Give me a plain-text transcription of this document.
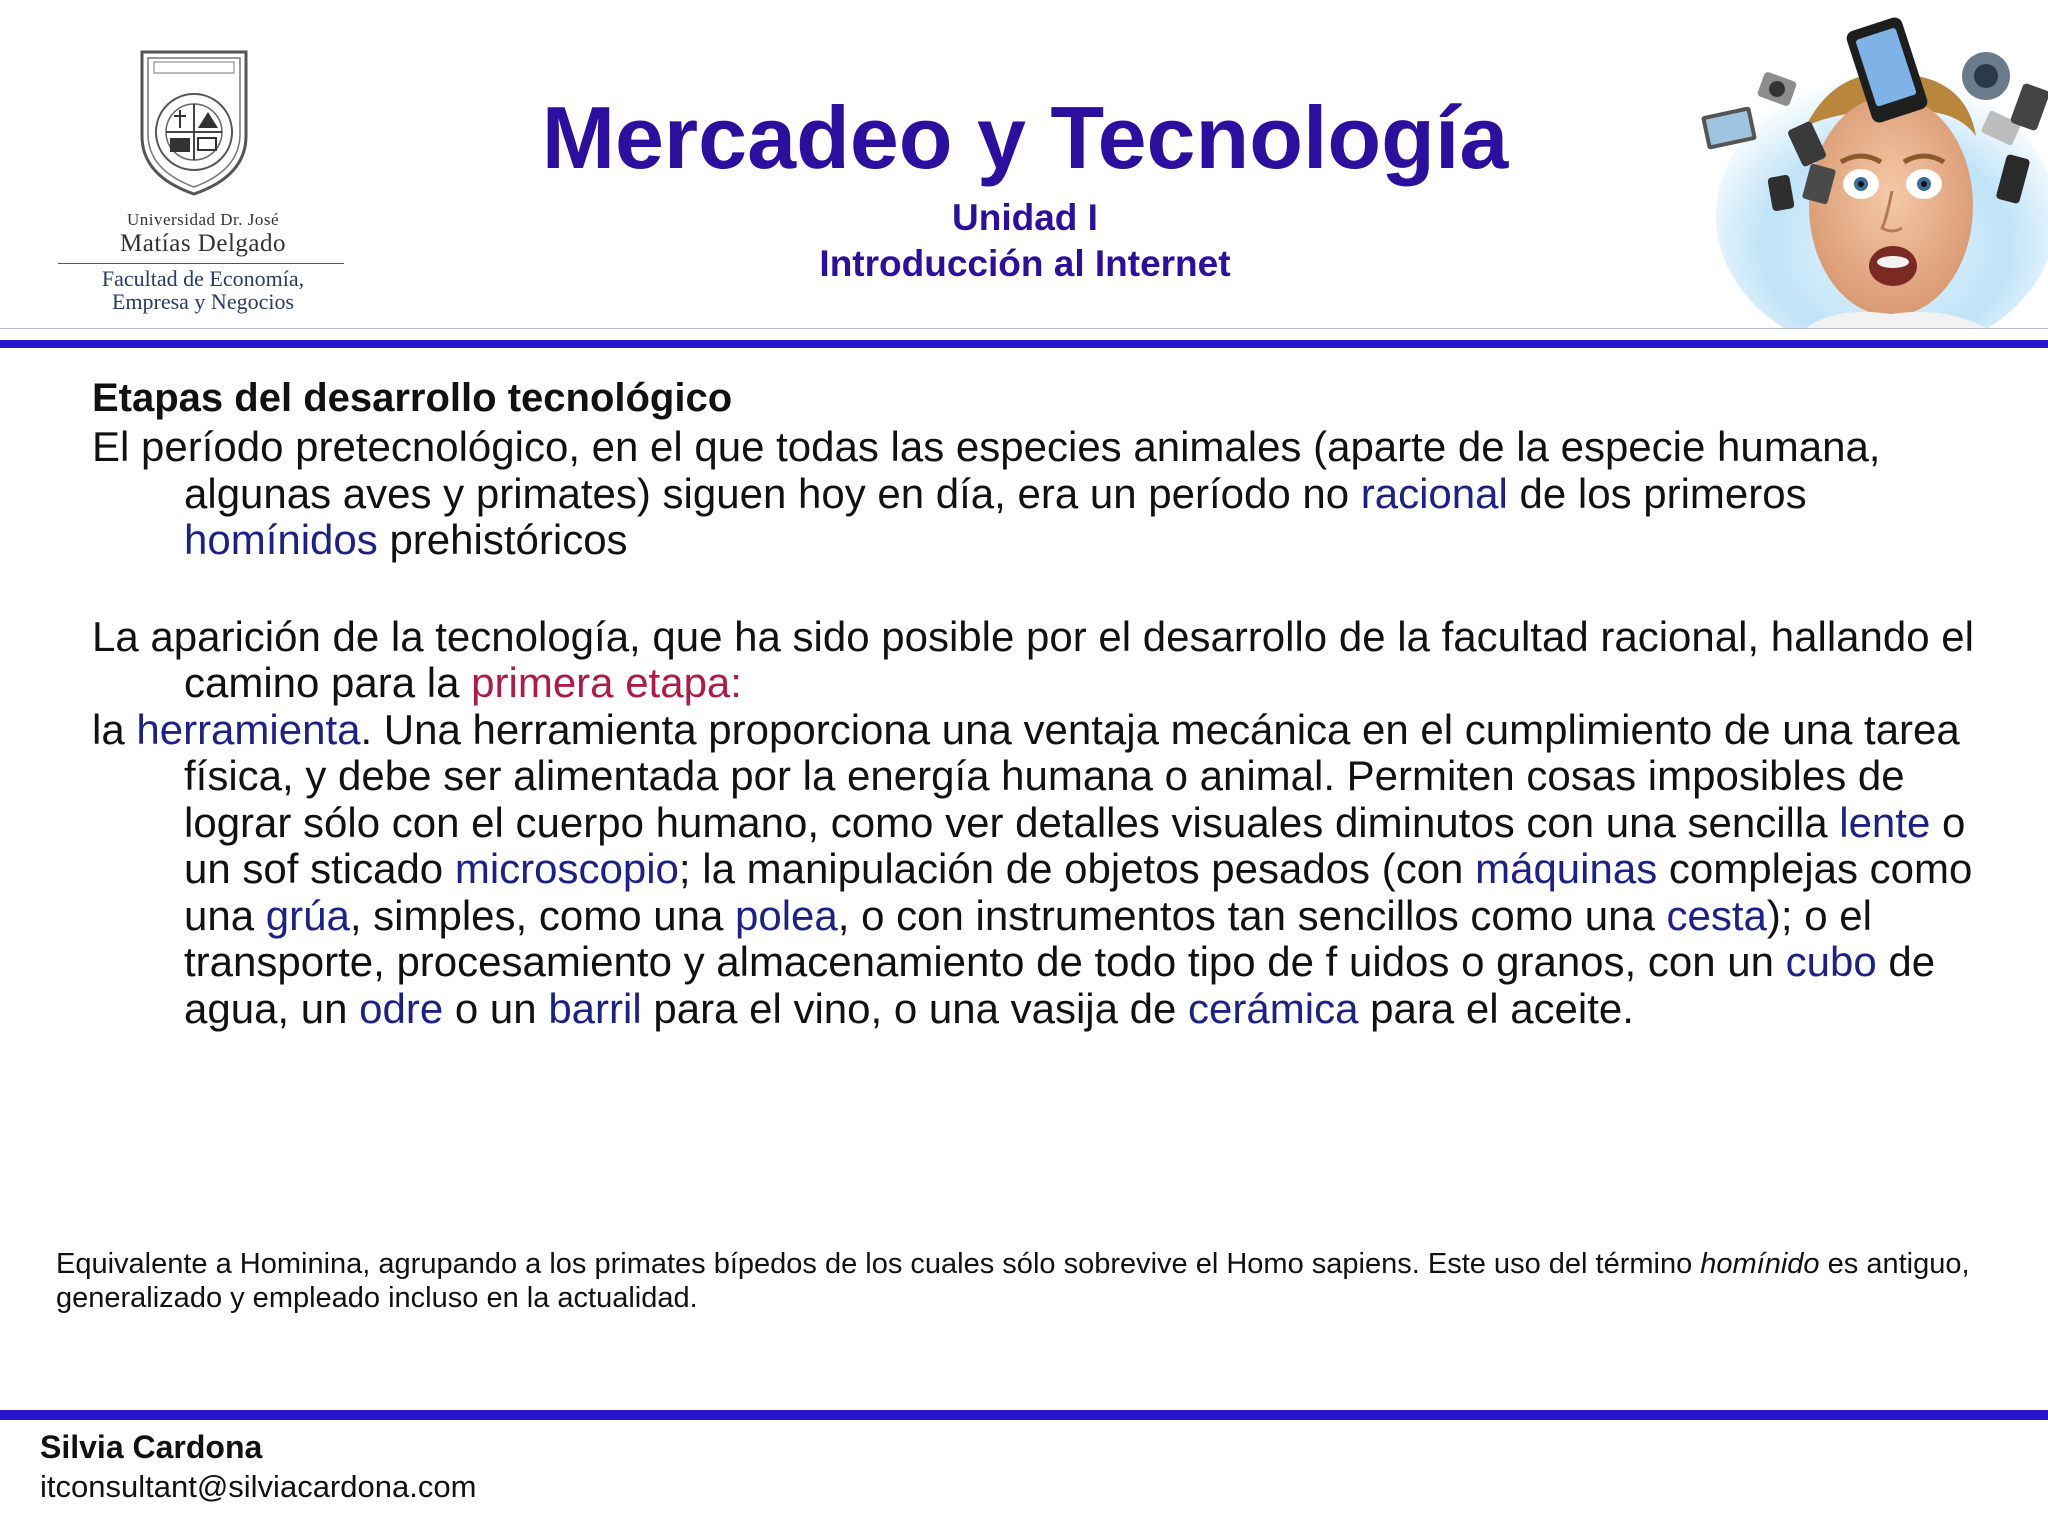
Universidad Dr. José
Matías Delgado
Facultad de Economía,
Empresa y Negocios
Mercadeo y Tecnología
Unidad I
Introducción al Internet
Etapas del desarrollo tecnológico

El período pretecnológico, en el que todas las especies animales (aparte de la especie humana, algunas aves y primates) siguen hoy en día, era un período no racional de los primeros homínidos prehistóricos

La aparición de la tecnología, que ha sido posible por el desarrollo de la facultad racional, hallando el camino para la primera etapa:

la herramienta. Una herramienta proporciona una ventaja mecánica en el cumplimiento de una tarea física, y debe ser alimentada por la energía humana o animal. Permiten cosas imposibles de lograr sólo con el cuerpo humano, como ver detalles visuales diminutos con una sencilla lente o un sof sticado microscopio; la manipulación de objetos pesados (con máquinas complejas como una grúa, simples, como una polea, o con instrumentos tan sencillos como una cesta); o el transporte, procesamiento y almacenamiento de todo tipo de f uidos o granos, con un cubo de agua, un odre o un barril para el vino, o una vasija de cerámica para el aceite.

Equivalente a Hominina, agrupando a los primates bípedos de los cuales sólo sobrevive el Homo sapiens. Este uso del término homínido es antiguo, generalizado y empleado incluso en la actualidad.
Silvia Cardona
itconsultant@silviacardona.com
